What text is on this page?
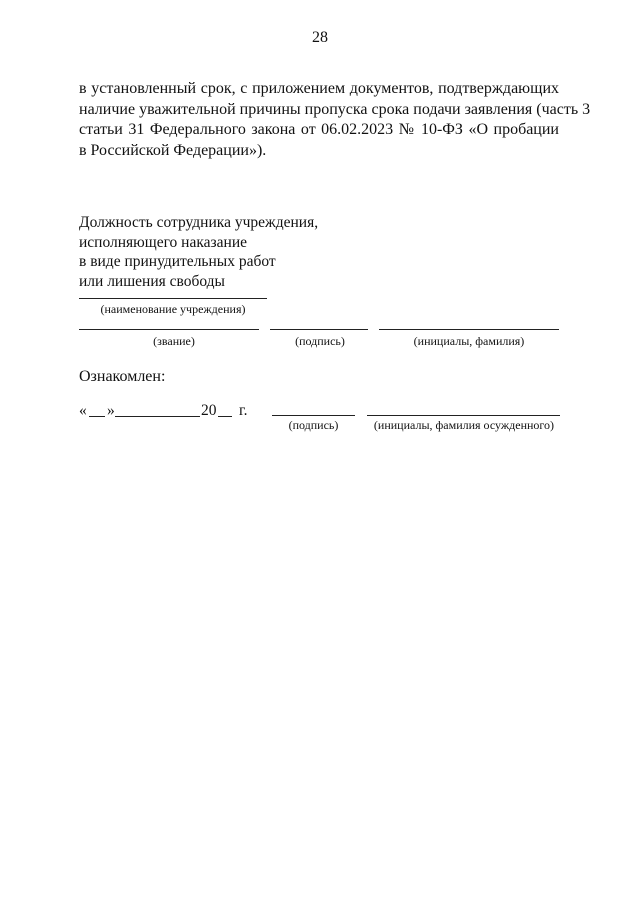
28
в установленный срок, с приложением документов, подтверждающих
наличие уважительной причины пропуска срока подачи заявления (часть 3
статьи 31 Федерального закона от 06.02.2023 № 10-ФЗ «О пробации
в Российской Федерации»).
Должность сотрудника учреждения,
исполняющего наказание
в виде принудительных работ
или лишения свободы
(наименование учреждения)
(звание)	(подпись)	(инициалы, фамилия)
Ознакомлен:
« »	20 г.
(подпись)	(инициалы, фамилия осужденного)
